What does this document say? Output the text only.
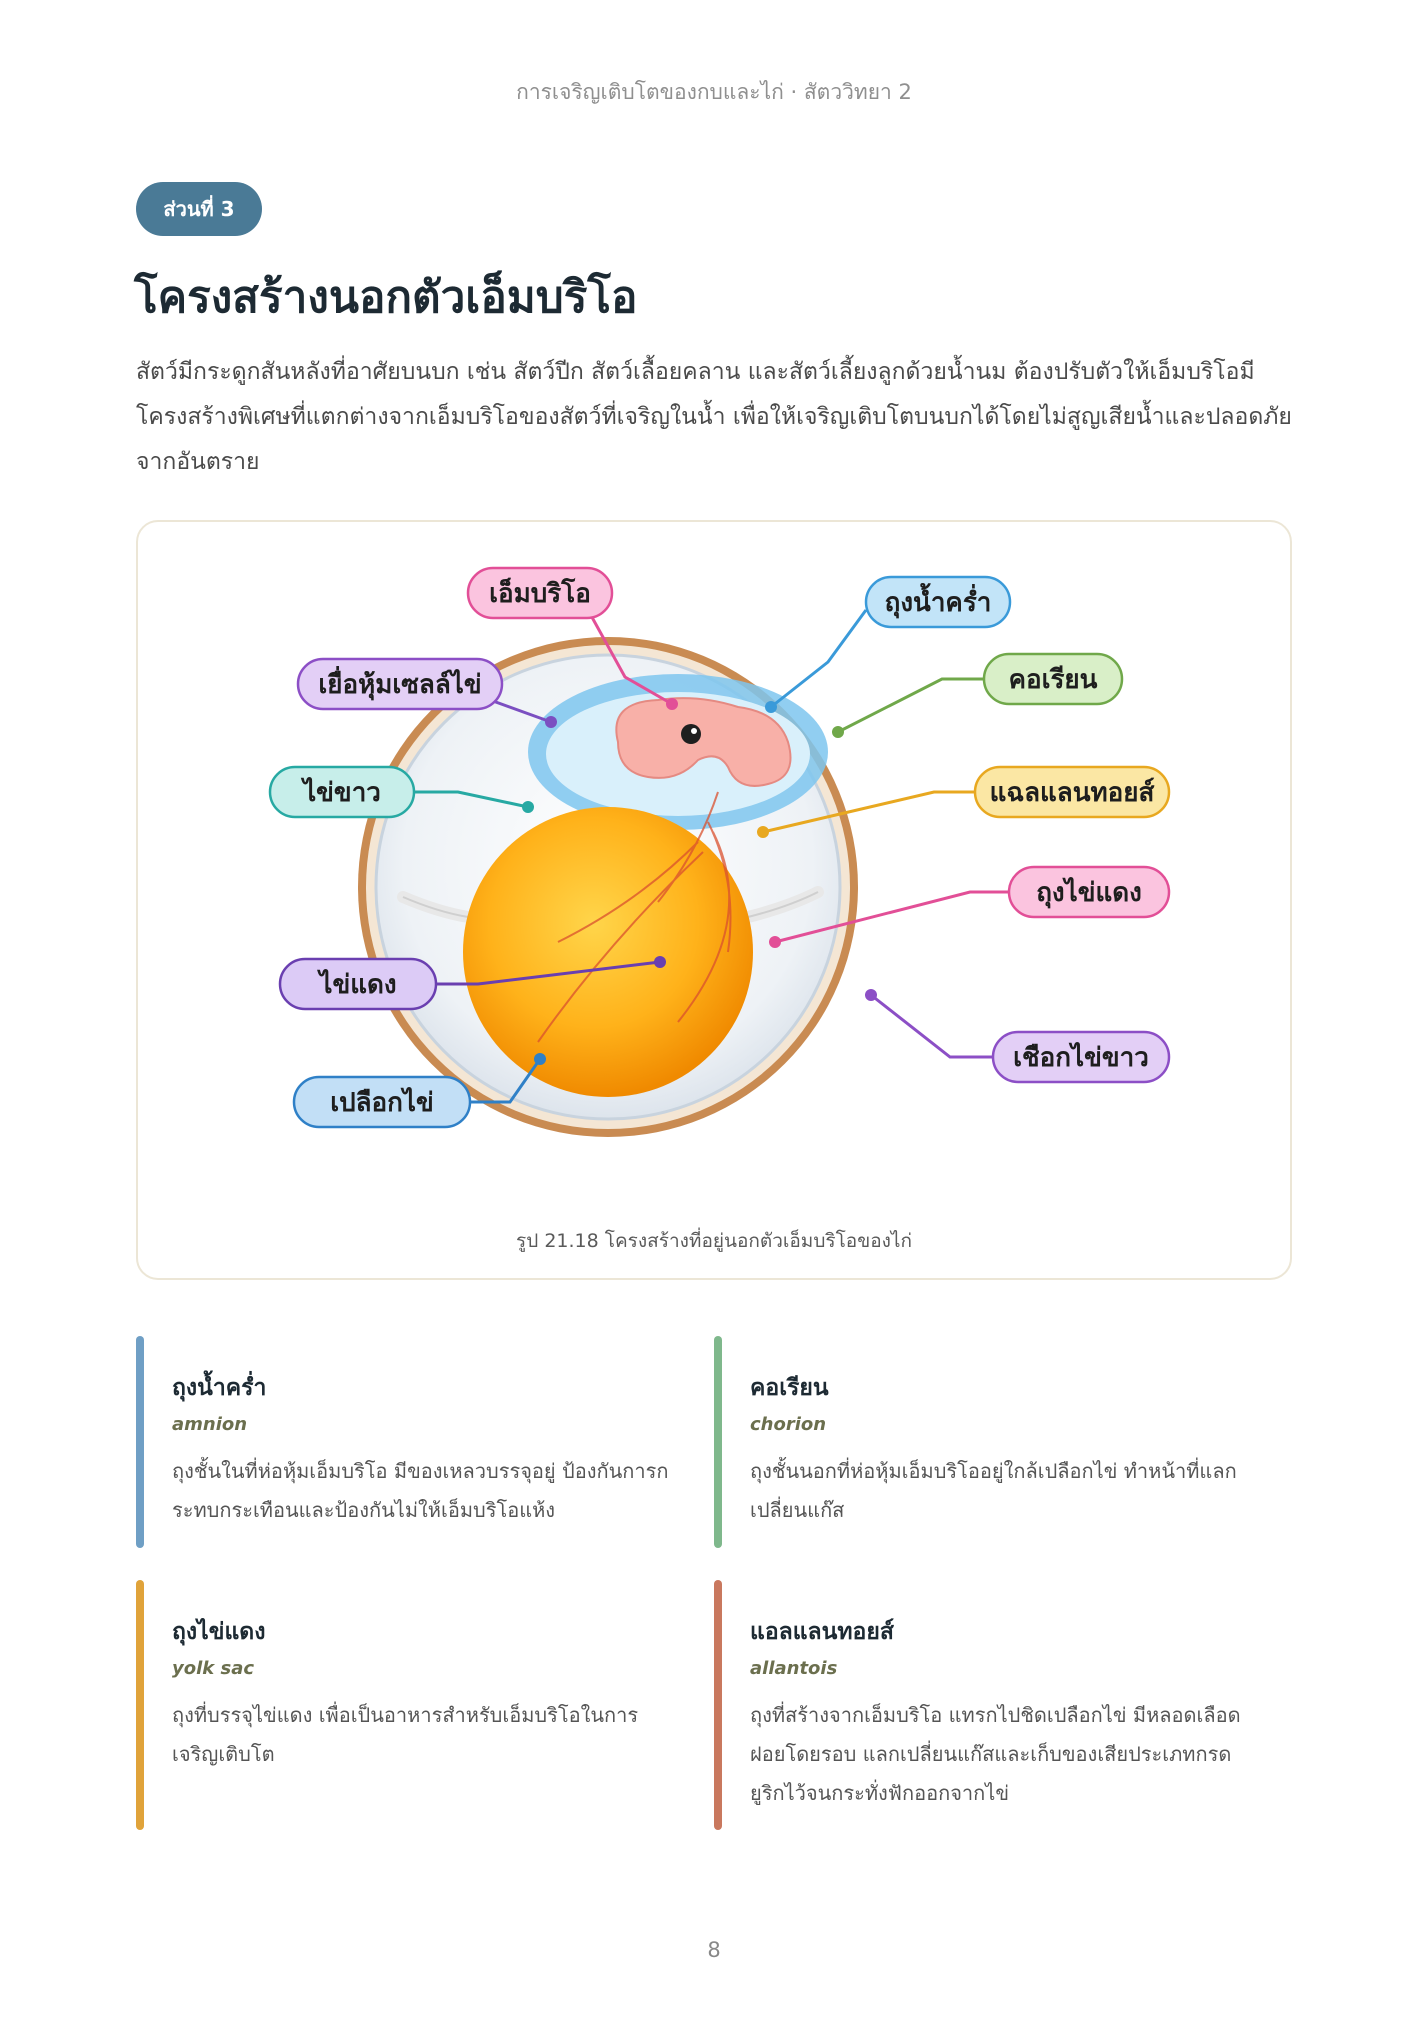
การเจริญเติบโตของกบและไก่ · สัตววิทยา 2
ส่วนที่ 3
โครงสร้างนอกตัวเอ็มบริโอ

สัตว์มีกระดูกสันหลังที่อาศัยบนบก เช่น สัตว์ปีก สัตว์เลื้อยคลาน และสัตว์เลี้ยงลูกด้วยน้ำนม ต้องปรับตัวให้เอ็มบริโอมีโครงสร้างพิเศษที่แตกต่างจากเอ็มบริโอของสัตว์ที่เจริญในน้ำ เพื่อให้เจริญเติบโตบนบกได้โดยไม่สูญเสียน้ำและปลอดภัยจากอันตราย

เอ็มบริโอ	ถุงน้ำคร่ำ
เยื่อหุ้มเซลล์ไข่	คอเรียน
ไข่ขาว	แฉลแลนทอยส์
ถุงไข่แดง
ไข่แดง
เชือกไข่ขาว
เปลือกไข่
รูป 21.18 โครงสร้างที่อยู่นอกตัวเอ็มบริโอของไก่
ถุงน้ำคร่ำ
amnion

ถุงชั้นในที่ห่อหุ้มเอ็มบริโอ มีของเหลวบรรจุอยู่ ป้องกันการกระทบกระเทือนและป้องกันไม่ให้เอ็มบริโอแห้ง

คอเรียน
chorion

ถุงชั้นนอกที่ห่อหุ้มเอ็มบริโออยู่ใกล้เปลือกไข่ ทำหน้าที่แลกเปลี่ยนแก๊ส

ถุงไข่แดง
yolk sac

ถุงที่บรรจุไข่แดง เพื่อเป็นอาหารสำหรับเอ็มบริโอในการเจริญเติบโต

แอลแลนทอยส์
allantois

ถุงที่สร้างจากเอ็มบริโอ แทรกไปชิดเปลือกไข่ มีหลอดเลือดฝอยโดยรอบ แลกเปลี่ยนแก๊สและเก็บของเสียประเภทกรดยูริกไว้จนกระทั่งฟักออกจากไข่

8
